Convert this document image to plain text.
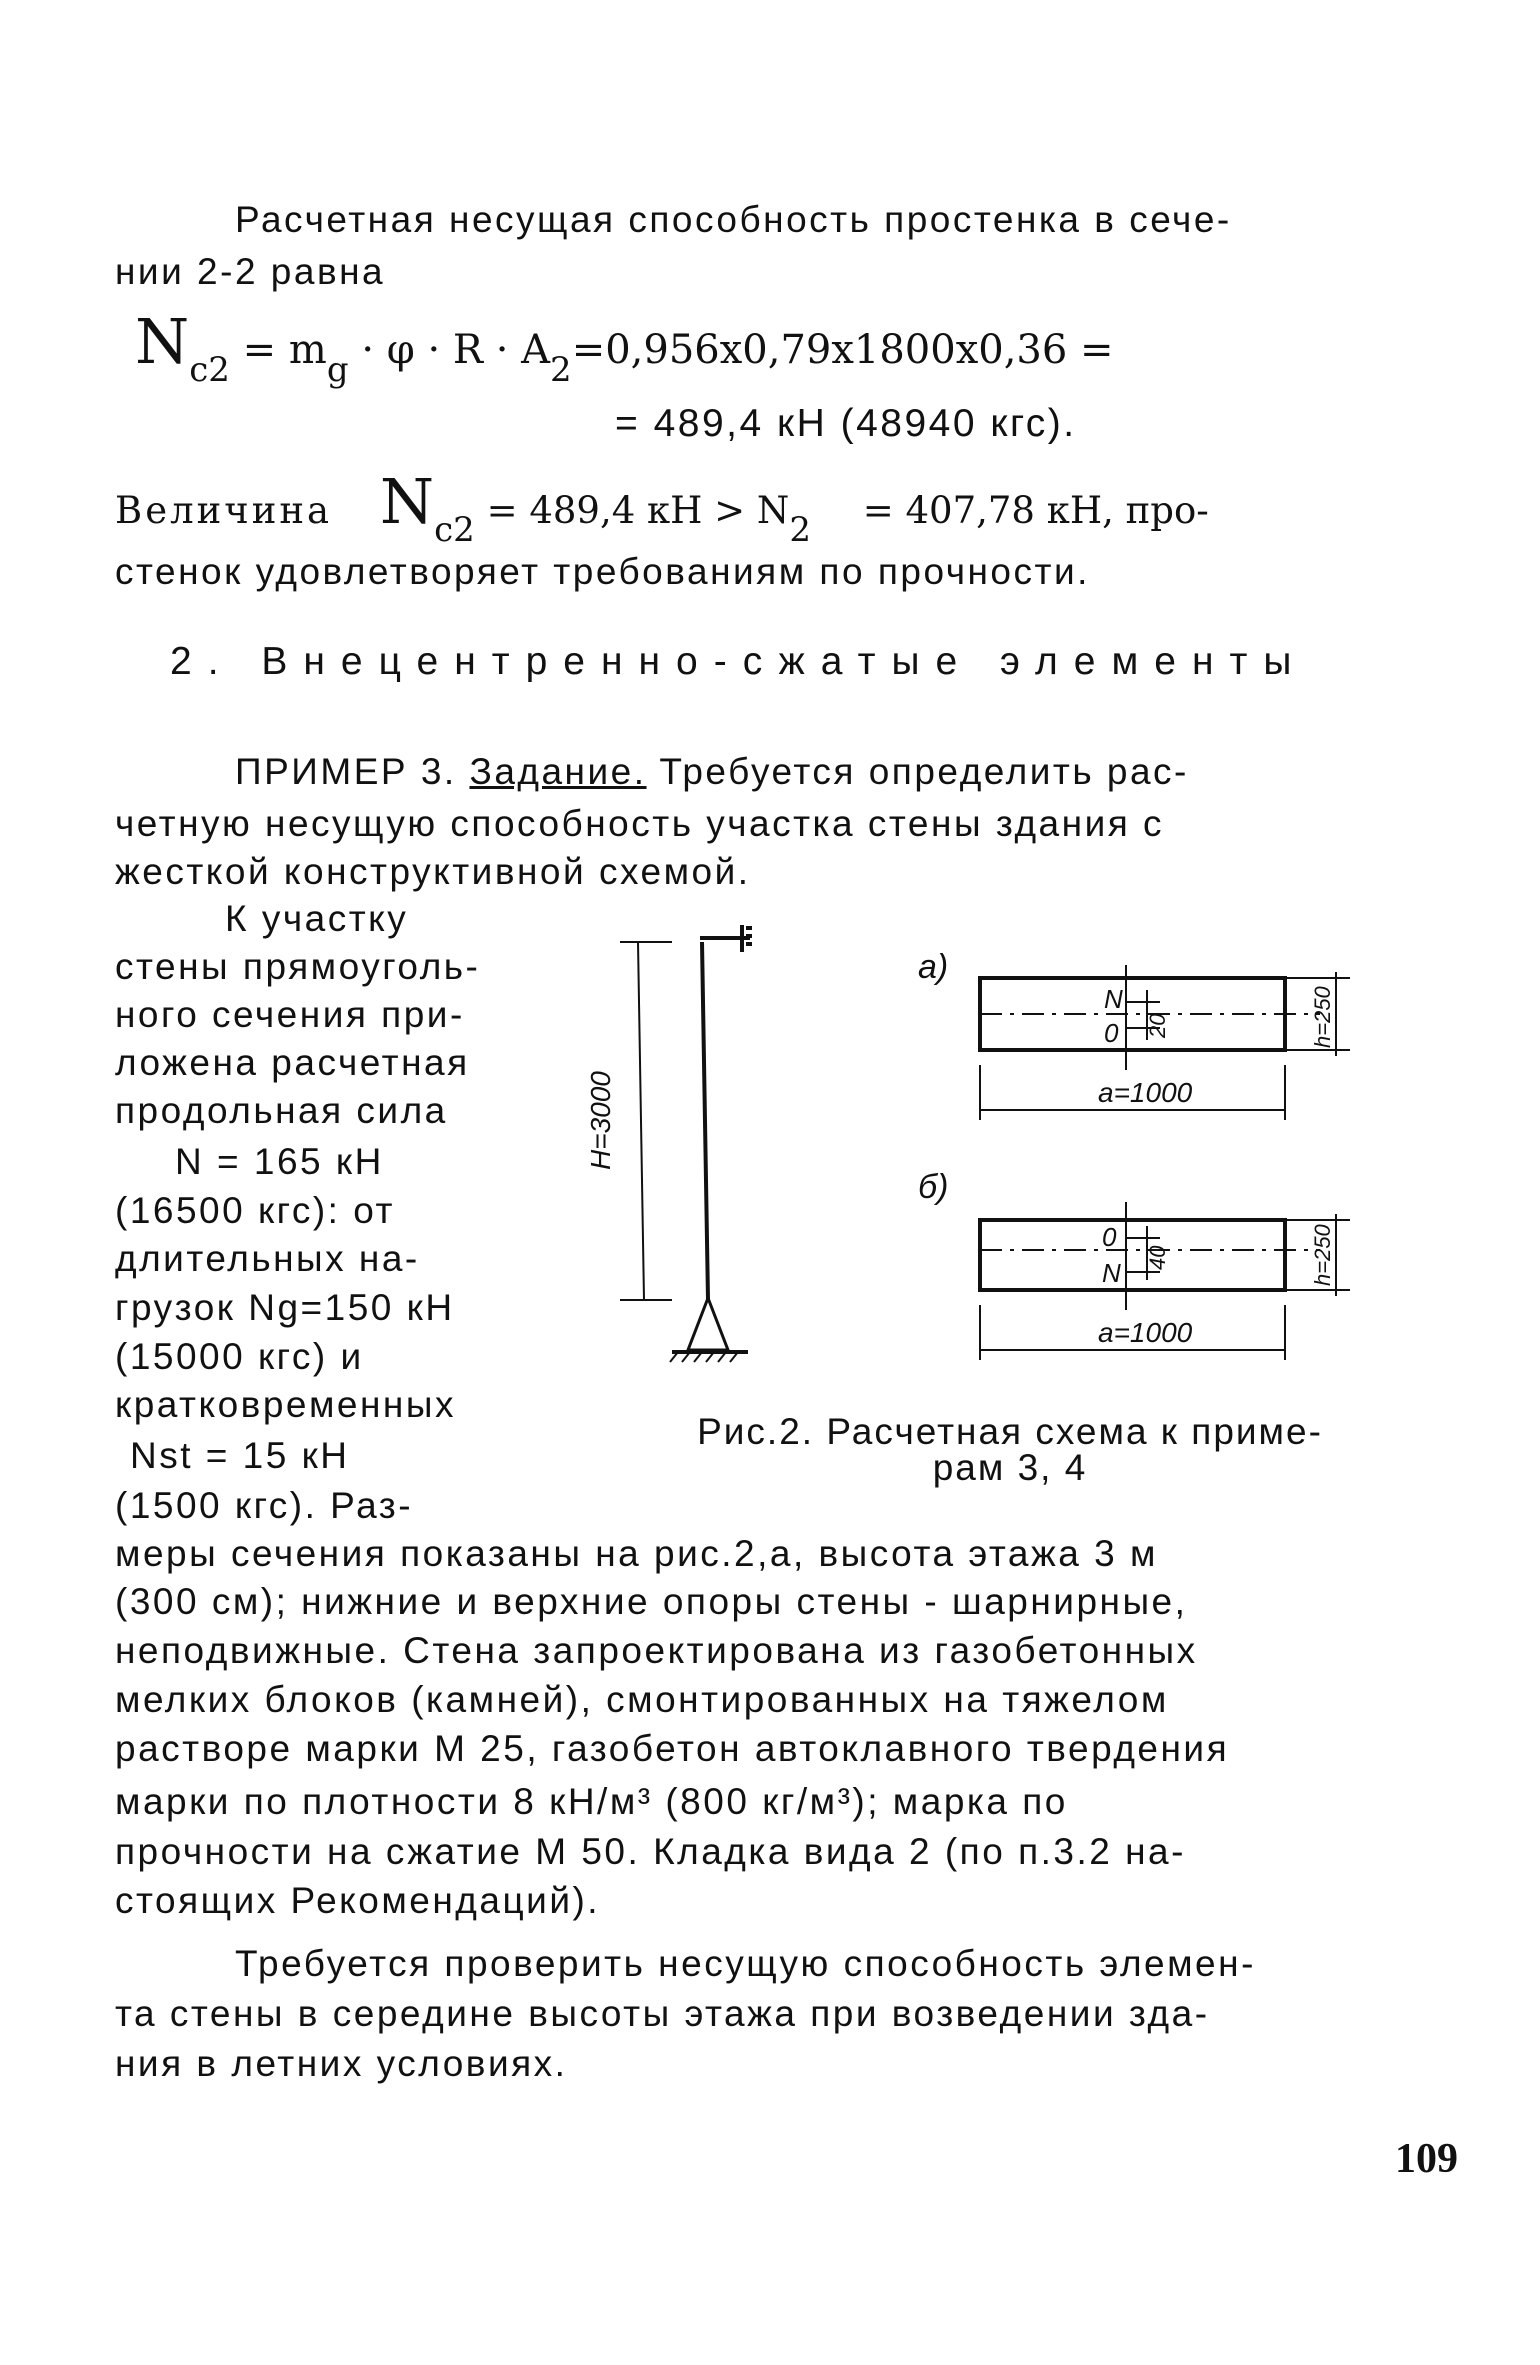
Расчетная несущая способность простенка в сече-
нии 2-2 равна
$N_{c2} = m_g \cdot \varphi \cdot R \cdot A_2=0,956x0,79x1800x0,36$ =
= 489,4 кН (48940 кгс).
Величина Nc2 = 489,4 кН > N2 = 407,78 кН, про-
стенок удовлетворяет требованиям по прочности.
2. Внецентренно-сжатые элементы
ПРИМЕР 3. Задание. Требуется определить рас-
четную несущую способность участка стены здания с
жесткой конструктивной схемой.
К участку
стены прямоуголь-
ного сечения при-
ложена расчетная
продольная сила
N = 165 кН
(16500 кгс): от
длительных на-
грузок Ng=150 кН
(15000 кгс) и
кратковременных
Nst = 15 кН
(1500 кгс). Раз-
H=3000
а)
N
0 20	h=250
a=1000
б)
0
N
40	h=250
a=1000
Рис.2. Расчетная схема к приме-
рам 3, 4
меры сечения показаны на рис.2,а, высота этажа 3 м
(300 см); нижние и верхние опоры стены - шарнирные,
неподвижные. Стена запроектирована из газобетонных
мелких блоков (камней), смонтированных на тяжелом
растворе марки М 25, газобетон автоклавного твердения
марки по плотности 8 кН/м³ (800 кг/м³); марка по
прочности на сжатие М 50. Кладка вида 2 (по п.3.2 на-
стоящих Рекомендаций).
Требуется проверить несущую способность элемен-
та стены в середине высоты этажа при возведении зда-
ния в летних условиях.
109
